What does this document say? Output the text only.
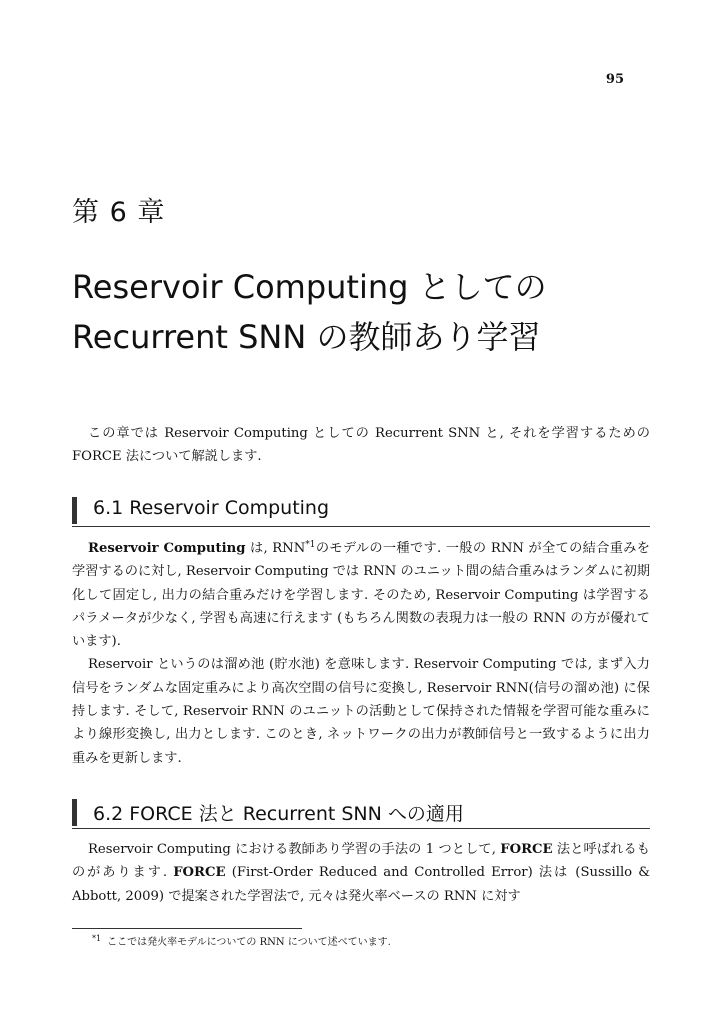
95
第 6 章
Reservoir Computing としての
Recurrent SNN の教師あり学習

この章では Reservoir Computing としての Recurrent SNN と, それを学習するための FORCE 法について解説します.

6.1 Reservoir Computing

Reservoir Computing は, RNN$^{*1}$のモデルの一種です. 一般の RNN が全ての結合重みを学習するのに対し, Reservoir Computing では RNN のユニット間の結合重みはランダムに初期化して固定し, 出力の結合重みだけを学習します. そのため, Reservoir Computing は学習するパラメータが少なく, 学習も高速に行えます (もちろん関数の表現力は一般の RNN の方が優れています).

Reservoir というのは溜め池 (貯水池) を意味します. Reservoir Computing では, まず入力信号をランダムな固定重みにより高次空間の信号に変換し, Reservoir RNN(信号の溜め池) に保持します. そして, Reservoir RNN のユニットの活動として保持された情報を学習可能な重みにより線形変換し, 出力とします. このとき, ネットワークの出力が教師信号と一致するように出力重みを更新します.

6.2 FORCE 法と Recurrent SNN への適用

Reservoir Computing における教師あり学習の手法の 1 つとして, FORCE 法と呼ばれるものがあります. FORCE (First-Order Reduced and Controlled Error) 法は (Sussillo & Abbott, 2009) で提案された学習法で, 元々は発火率ベースの RNN に対す

$^{*1}$ ここでは発火率モデルについての RNN について述べています.
